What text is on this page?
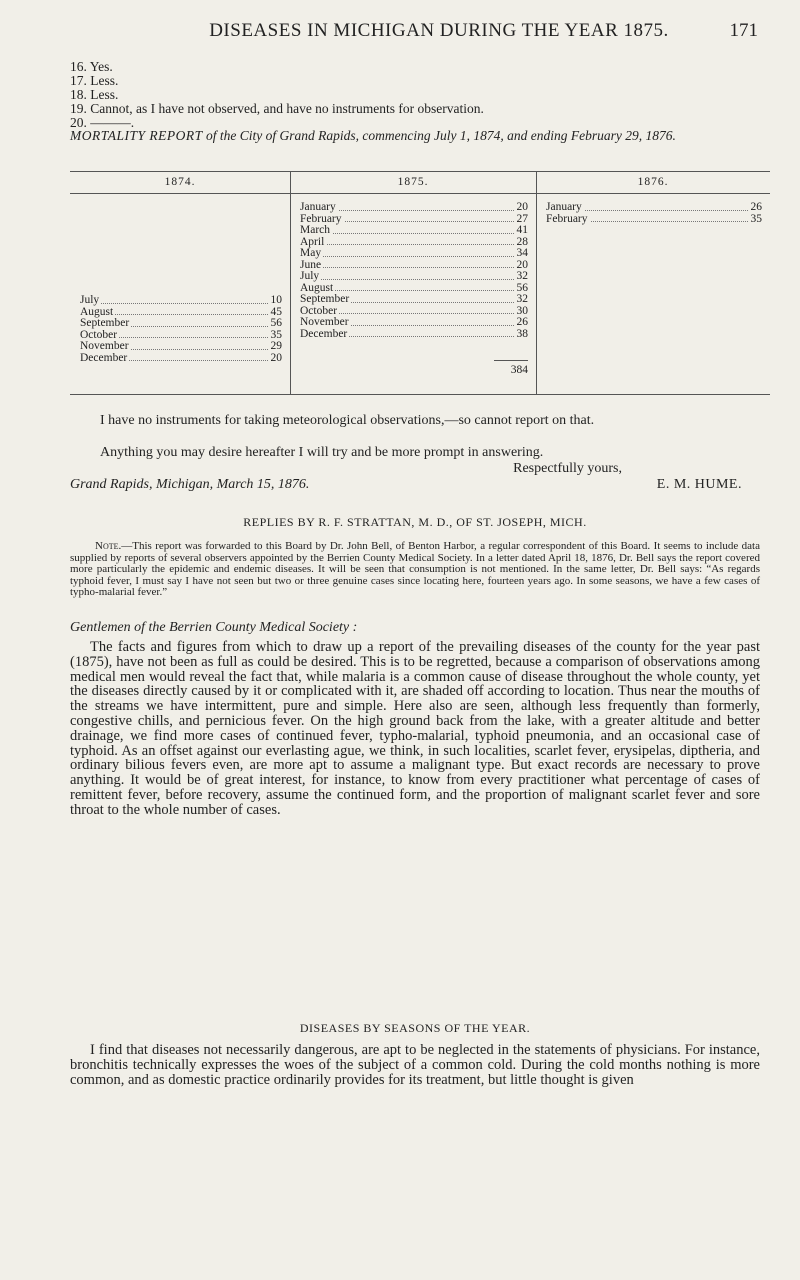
DISEASES IN MICHIGAN DURING THE YEAR 1875.	171
16. Yes.
17. Less.
18. Less.
19. Cannot, as I have not observed, and have no instruments for observation.
20. ———.
MORTALITY REPORT of the City of Grand Rapids, commencing July 1, 1874, and ending February 29, 1876.
1874.
July	10
August	45
September	56
October	35
November	29
December	20
1875.
January	20
February	27
March	41
April	28
May	34
June	20
July	32
August	56
September	32
October	30
November	26
December	38
384
1876.
January	26
February	35
I have no instruments for taking meteorological observations,—so cannot report on that.
Anything you may desire hereafter I will try and be more prompt in answering.
Respectfully yours,
Grand Rapids, Michigan, March 15, 1876.	E. M. HUME.
REPLIES BY R. F. STRATTAN, M. D., OF ST. JOSEPH, MICH.
Note.—This report was forwarded to this Board by Dr. John Bell, of Benton Harbor, a regular correspondent of this Board. It seems to include data supplied by reports of several observers appointed by the Berrien County Medical Society. In a letter dated April 18, 1876, Dr. Bell says the report covered more particularly the epidemic and endemic diseases. It will be seen that consumption is not mentioned. In the same letter, Dr. Bell says: “As regards typhoid fever, I must say I have not seen but two or three genuine cases since locating here, fourteen years ago. In some seasons, we have a few cases of typho-malarial fever.”
Gentlemen of the Berrien County Medical Society :
The facts and figures from which to draw up a report of the prevailing diseases of the county for the year past (1875), have not been as full as could be desired. This is to be regretted, because a comparison of observations among medical men would reveal the fact that, while malaria is a common cause of disease throughout the whole county, yet the diseases directly caused by it or complicated with it, are shaded off according to location. Thus near the mouths of the streams we have intermittent, pure and simple. Here also are seen, although less frequently than formerly, congestive chills, and pernicious fever. On the high ground back from the lake, with a greater altitude and better drainage, we find more cases of continued fever, typho-malarial, typhoid pneumonia, and an occasional case of typhoid. As an offset against our everlasting ague, we think, in such localities, scarlet fever, erysipelas, diptheria, and ordinary bilious fevers even, are more apt to assume a malignant type. But exact records are necessary to prove anything. It would be of great interest, for instance, to know from every practitioner what percentage of cases of remittent fever, before recovery, assume the continued form, and the proportion of malignant scarlet fever and sore throat to the whole number of cases.
DISEASES BY SEASONS OF THE YEAR.
I find that diseases not necessarily dangerous, are apt to be neglected in the statements of physicians. For instance, bronchitis technically expresses the woes of the subject of a common cold. During the cold months nothing is more common, and as domestic practice ordinarily provides for its treatment, but little thought is given
